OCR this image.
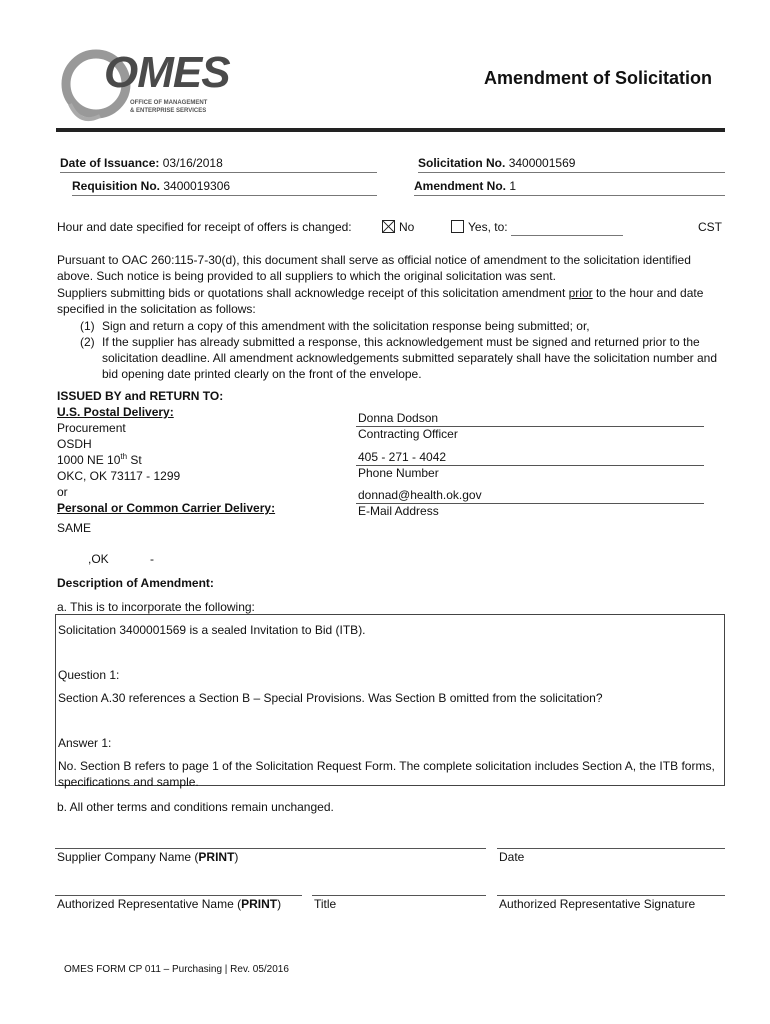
OMES
OFFICE OF MANAGEMENT
& ENTERPRISE SERVICES
Amendment of Solicitation
Date of Issuance: 03/16/2018	Solicitation No. 3400001569
Requisition No. 3400019306	Amendment No. 1
Hour and date specified for receipt of offers is changed:	No	Yes, to:	CST
Pursuant to OAC 260:115-7-30(d), this document shall serve as official notice of amendment to the solicitation identified above. Such notice is being provided to all suppliers to which the original solicitation was sent.
Suppliers submitting bids or quotations shall acknowledge receipt of this solicitation amendment prior to the hour and date specified in the solicitation as follows:
(1) Sign and return a copy of this amendment with the solicitation response being submitted; or,
(2) If the supplier has already submitted a response, this acknowledgement must be signed and returned prior to the solicitation deadline. All amendment acknowledgements submitted separately shall have the solicitation number and bid opening date printed clearly on the front of the envelope.
ISSUED BY and RETURN TO:
U.S. Postal Delivery:
Procurement
OSDH
1000 NE 10th St
OKC, OK 73117 - 1299
or
Personal or Common Carrier Delivery:
SAME
,OK	-
Donna Dodson
Contracting Officer
405 - 271 - 4042
Phone Number
donnad@health.ok.gov
E-Mail Address
Description of Amendment:
a. This is to incorporate the following:
Solicitation 3400001569 is a sealed Invitation to Bid (ITB).
Question 1:
Section A.30 references a Section B – Special Provisions. Was Section B omitted from the solicitation?
Answer 1:
No. Section B refers to page 1 of the Solicitation Request Form. The complete solicitation includes Section A, the ITB forms, specifications and sample.
b. All other terms and conditions remain unchanged.
Supplier Company Name (PRINT)	Date
Authorized Representative Name (PRINT)	Title	Authorized Representative Signature
OMES FORM CP 011 – Purchasing | Rev. 05/2016
